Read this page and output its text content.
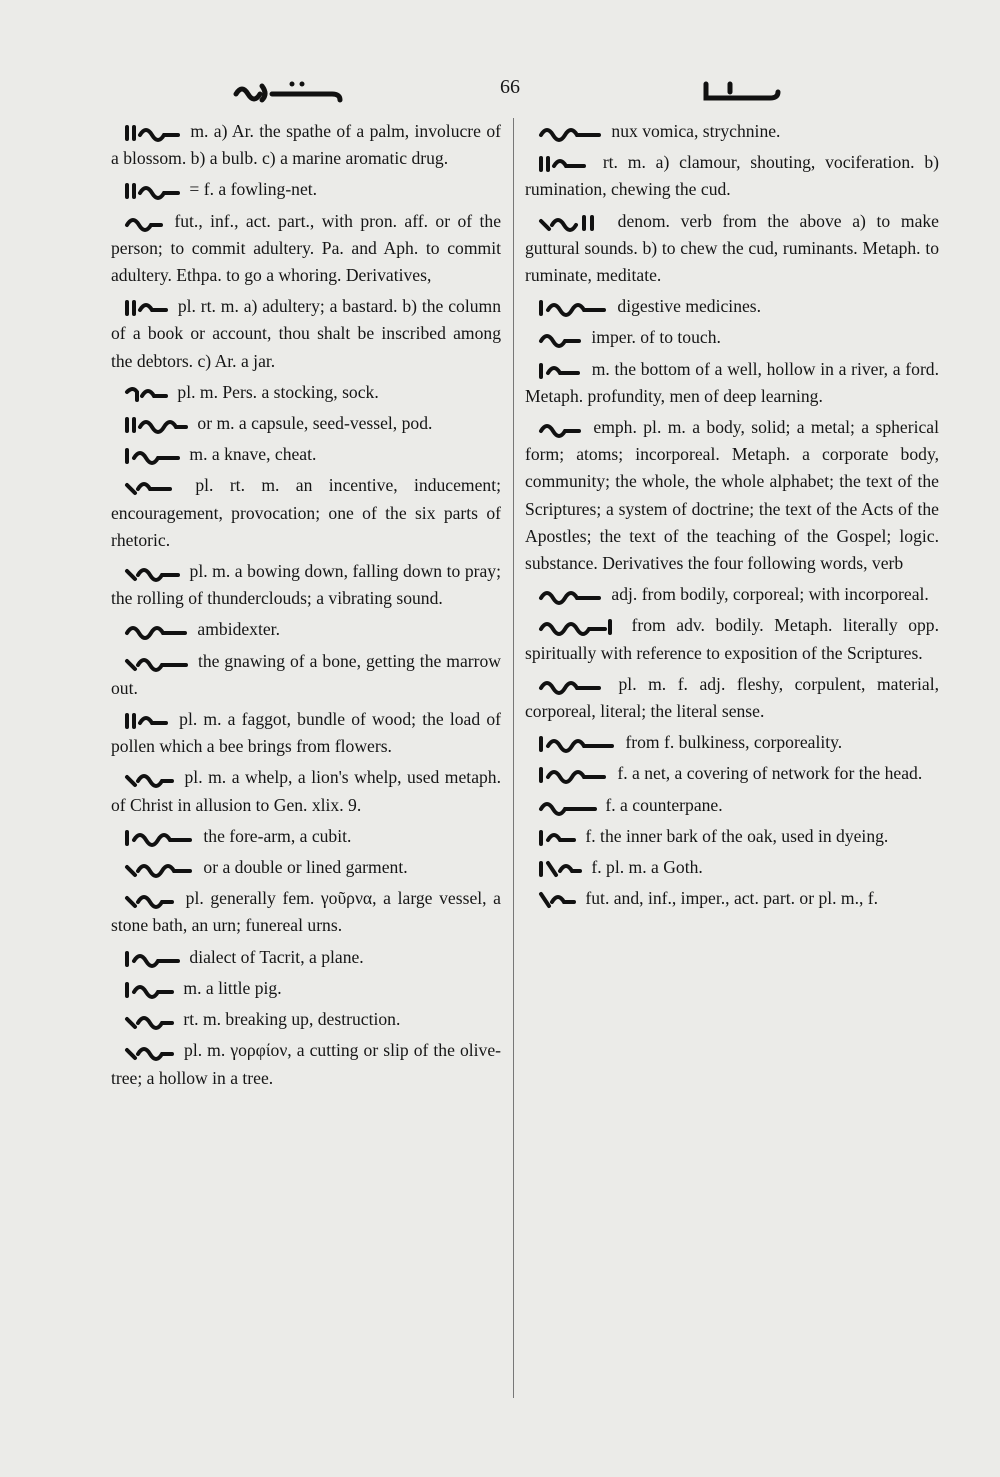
66

m. a) Ar. the spathe of a palm, involucre of a blossom. b) a bulb. c) a marine aromatic drug.

= f. a fowling-net.

fut., inf., act. part., with pron. aff. or of the person; to commit adultery. Pa. and Aph. to commit adultery. Ethpa. to go a whoring. Derivatives,

pl. rt. m. a) adultery; a bastard. b) the column of a book or account, thou shalt be inscribed among the debtors. c) Ar. a jar.

pl. m. Pers. a stocking, sock.

or m. a capsule, seed-vessel, pod.

m. a knave, cheat.

pl. rt. m. an incentive, inducement; encouragement, provocation; one of the six parts of rhetoric.

pl. m. a bowing down, falling down to pray; the rolling of thunderclouds; a vibrating sound.

ambidexter.

the gnawing of a bone, getting the marrow out.

pl. m. a faggot, bundle of wood; the load of pollen which a bee brings from flowers.

pl. m. a whelp, a lion's whelp, used metaph. of Christ in allusion to Gen. xlix. 9.

the fore-arm, a cubit.

or a double or lined garment.

pl. generally fem. γοῦρνα, a large vessel, a stone bath, an urn; funereal urns.

dialect of Tacrit, a plane.

m. a little pig.

rt. m. breaking up, destruction.

pl. m. γορφίον, a cutting or slip of the olive-tree; a hollow in a tree.

nux vomica, strychnine.

rt. m. a) clamour, shouting, vociferation. b) rumination, chewing the cud.

denom. verb from the above a) to make guttural sounds. b) to chew the cud, ruminants. Metaph. to ruminate, meditate.

digestive medicines.

imper. of to touch.

m. the bottom of a well, hollow in a river, a ford. Metaph. profundity, men of deep learning.

emph. pl. m. a body, solid; a metal; a spherical form; atoms; incorporeal. Metaph. a corporate body, community; the whole, the whole alphabet; the text of the Scriptures; a system of doctrine; the text of the Acts of the Apostles; the text of the teaching of the Gospel; logic. substance. Derivatives the four following words, verb

adj. from bodily, corporeal; with incorporeal.

from adv. bodily. Metaph. literally opp. spiritually with reference to exposition of the Scriptures.

pl. m. f. adj. fleshy, corpulent, material, corporeal, literal; the literal sense.

from f. bulkiness, corporeality.

f. a net, a covering of network for the head.

f. a counterpane.

f. the inner bark of the oak, used in dyeing.

f. pl. m. a Goth.

fut. and, inf., imper., act. part. or pl. m., f.
